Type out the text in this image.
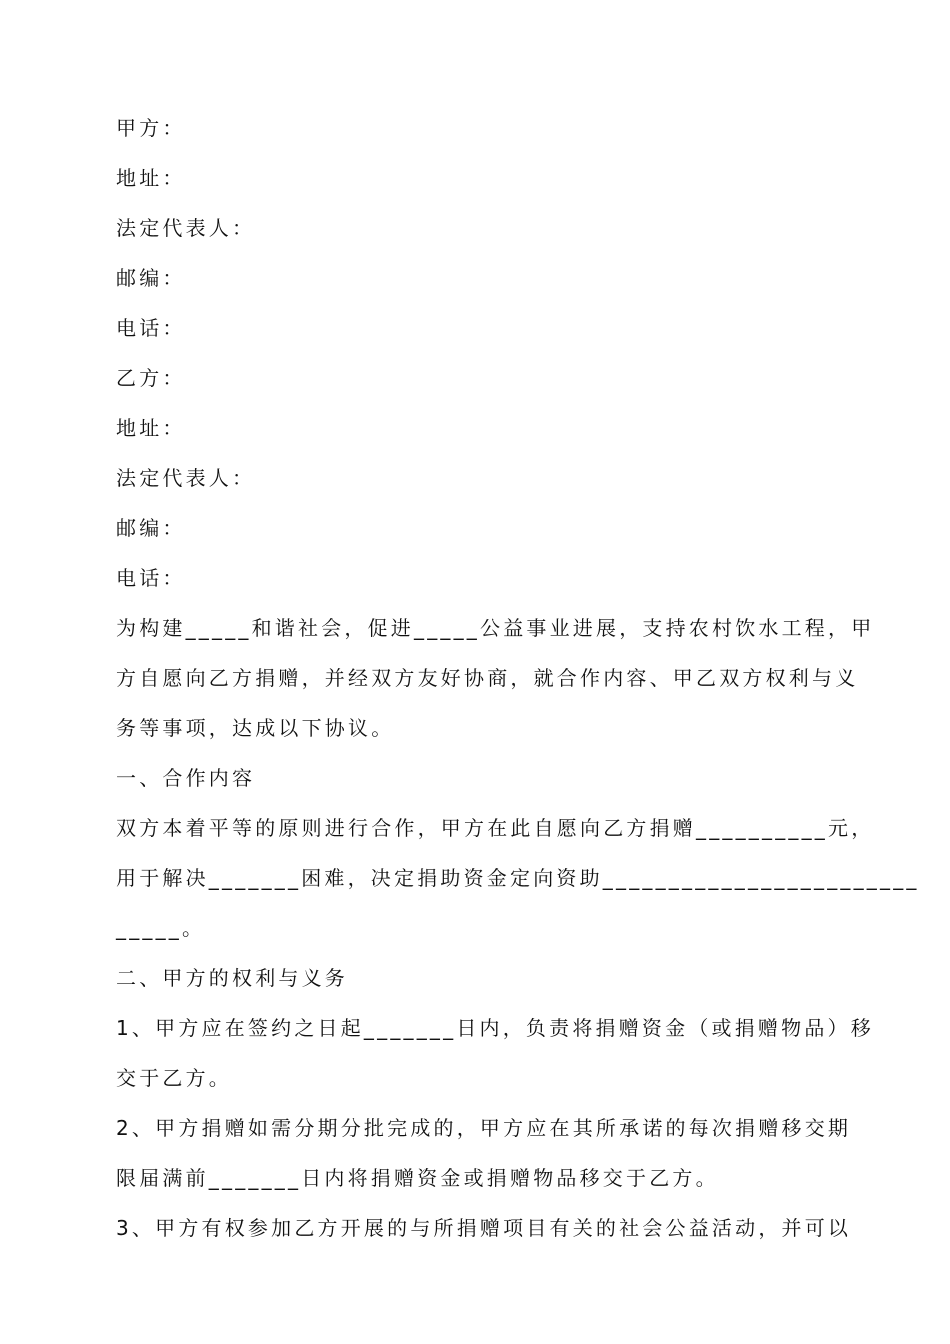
甲方：
地址：
法定代表人：
邮编：
电话：
乙方：
地址：
法定代表人：
邮编：
电话：
为构建_____和谐社会，促进_____公益事业进展，支持农村饮水工程，甲
方自愿向乙方捐赠，并经双方友好协商，就合作内容、甲乙双方权利与义
务等事项，达成以下协议。
一、合作内容
双方本着平等的原则进行合作，甲方在此自愿向乙方捐赠__________元，
用于解决_______困难，决定捐助资金定向资助________________________
_____。
二、甲方的权利与义务
1、甲方应在签约之日起_______日内，负责将捐赠资金（或捐赠物品）移
交于乙方。
2、甲方捐赠如需分期分批完成的，甲方应在其所承诺的每次捐赠移交期
限届满前_______日内将捐赠资金或捐赠物品移交于乙方。
3、甲方有权参加乙方开展的与所捐赠项目有关的社会公益活动，并可以
